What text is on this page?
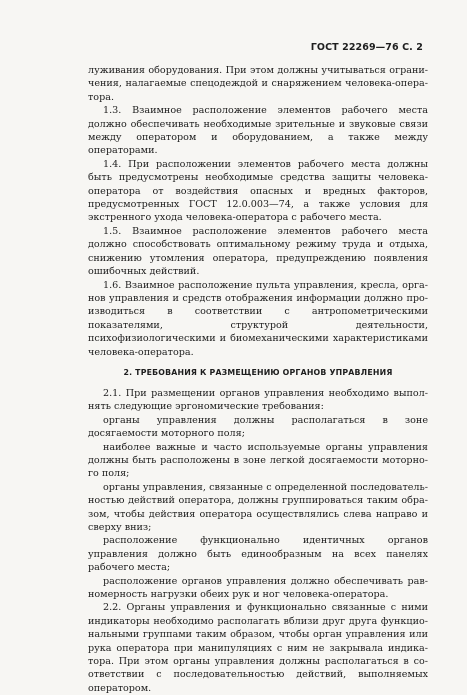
ГОСТ 22269—76 С. 2

луживания оборудования. При этом должны учитываться ограничения, налагаемые спецодеждой и снаряжением человека-оператора.

1.3. Взаимное расположение элементов рабочего места должно обеспечивать необходимые зрительные и звуковые связи между оператором и оборудованием, а также между операторами.

1.4. При расположении элементов рабочего места должны быть предусмотрены необходимые средства защиты человека-оператора от воздействия опасных и вредных факторов, предусмотренных ГОСТ 12.0.003—74, а также условия для экстренного ухода человека-оператора с рабочего места.

1.5. Взаимное расположение элементов рабочего места должно способствовать оптимальному режиму труда и отдыха, снижению утомления оператора, предупреждению появления ошибочных действий.

1.6. Взаимное расположение пульта управления, кресла, органов управления и средств отображения информации должно производиться в соответствии с антропометрическими показателями, структурой деятельности, психофизиологическими и биомеханическими характеристиками человека-оператора.

2. ТРЕБОВАНИЯ К РАЗМЕЩЕНИЮ ОРГАНОВ УПРАВЛЕНИЯ

2.1. При размещении органов управления необходимо выполнять следующие эргономические требования:

органы управления должны располагаться в зоне досягаемости моторного поля;

наиболее важные и часто используемые органы управления должны быть расположены в зоне легкой досягаемости моторного поля;

органы управления, связанные с определенной последовательностью действий оператора, должны группироваться таким образом, чтобы действия оператора осуществлялись слева направо и сверху вниз;

расположение функционально идентичных органов управления должно быть единообразным на всех панелях рабочего места;

расположение органов управления должно обеспечивать равномерность нагрузки обеих рук и ног человека-оператора.

2.2. Органы управления и функционально связанные с ними индикаторы необходимо располагать вблизи друг друга функциональными группами таким образом, чтобы орган управления или рука оператора при манипуляциях с ним не закрывала индикатора. При этом органы управления должны располагаться в соответствии с последовательностью действий, выполняемых оператором.
